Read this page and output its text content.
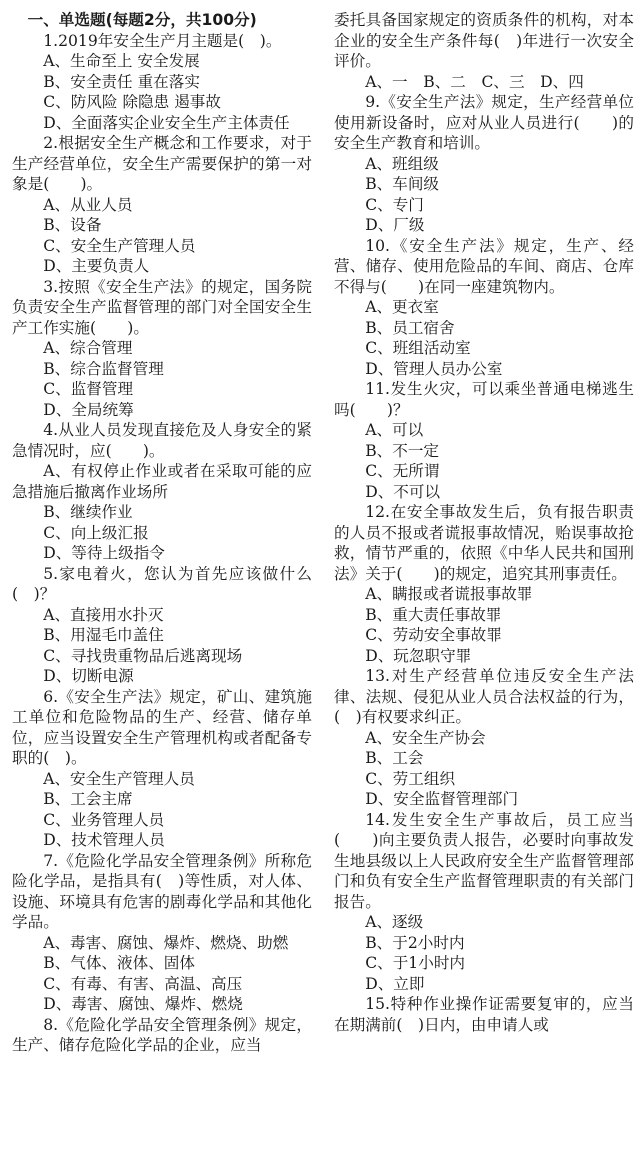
一、单选题(每题2分，共100分)

1.2019年安全生产月主题是(　)。

A、生命至上 安全发展

B、安全责任 重在落实

C、防风险 除隐患 遏事故

D、全面落实企业安全生产主体责任

2.根据安全生产概念和工作要求，对于生产经营单位，安全生产需要保护的第一对象是(　　)。

A、从业人员

B、设备

C、安全生产管理人员

D、主要负责人

3.按照《安全生产法》的规定，国务院负责安全生产监督管理的部门对全国安全生产工作实施(　　)。

A、综合管理

B、综合监督管理

C、监督管理

D、全局统筹

4.从业人员发现直接危及人身安全的紧急情况时，应(　　)。

A、有权停止作业或者在采取可能的应急措施后撤离作业场所

B、继续作业

C、向上级汇报

D、等待上级指令

5.家电着火，您认为首先应该做什么(　)？

A、直接用水扑灭

B、用湿毛巾盖住

C、寻找贵重物品后逃离现场

D、切断电源

6.《安全生产法》规定，矿山、建筑施工单位和危险物品的生产、经营、储存单位，应当设置安全生产管理机构或者配备专职的(　)。

A、安全生产管理人员

B、工会主席

C、业务管理人员

D、技术管理人员

7.《危险化学品安全管理条例》所称危险化学品，是指具有(　)等性质，对人体、设施、环境具有危害的剧毒化学品和其他化学品。

A、毒害、腐蚀、爆炸、燃烧、助燃

B、气体、液体、固体

C、有毒、有害、高温、高压

D、毒害、腐蚀、爆炸、燃烧

8.《危险化学品安全管理条例》规定，生产、储存危险化学品的企业，应当

委托具备国家规定的资质条件的机构，对本企业的安全生产条件每(　)年进行一次安全评价。

A、一　B、二　C、三　D、四

9.《安全生产法》规定，生产经营单位使用新设备时，应对从业人员进行(　　)的安全生产教育和培训。

A、班组级

B、车间级

C、专门

D、厂级

10.《安全生产法》规定，生产、经营、储存、使用危险品的车间、商店、仓库不得与(　　)在同一座建筑物内。

A、更衣室

B、员工宿舍

C、班组活动室

D、管理人员办公室

11.发生火灾，可以乘坐普通电梯逃生吗(　　)？

A、可以

B、不一定

C、无所谓

D、不可以

12.在安全事故发生后，负有报告职责的人员不报或者谎报事故情况，贻误事故抢救，情节严重的，依照《中华人民共和国刑法》关于(　　)的规定，追究其刑事责任。

A、瞒报或者谎报事故罪

B、重大责任事故罪

C、劳动安全事故罪

D、玩忽职守罪

13.对生产经营单位违反安全生产法律、法规、侵犯从业人员合法权益的行为，(　)有权要求纠正。

A、安全生产协会

B、工会

C、劳工组织

D、安全监督管理部门

14.发生安全生产事故后，员工应当(　　)向主要负责人报告，必要时向事故发生地县级以上人民政府安全生产监督管理部门和负有安全生产监督管理职责的有关部门报告。

A、逐级

B、于2小时内

C、于1小时内

D、立即

15.特种作业操作证需要复审的，应当在期满前(　)日内，由申请人或
